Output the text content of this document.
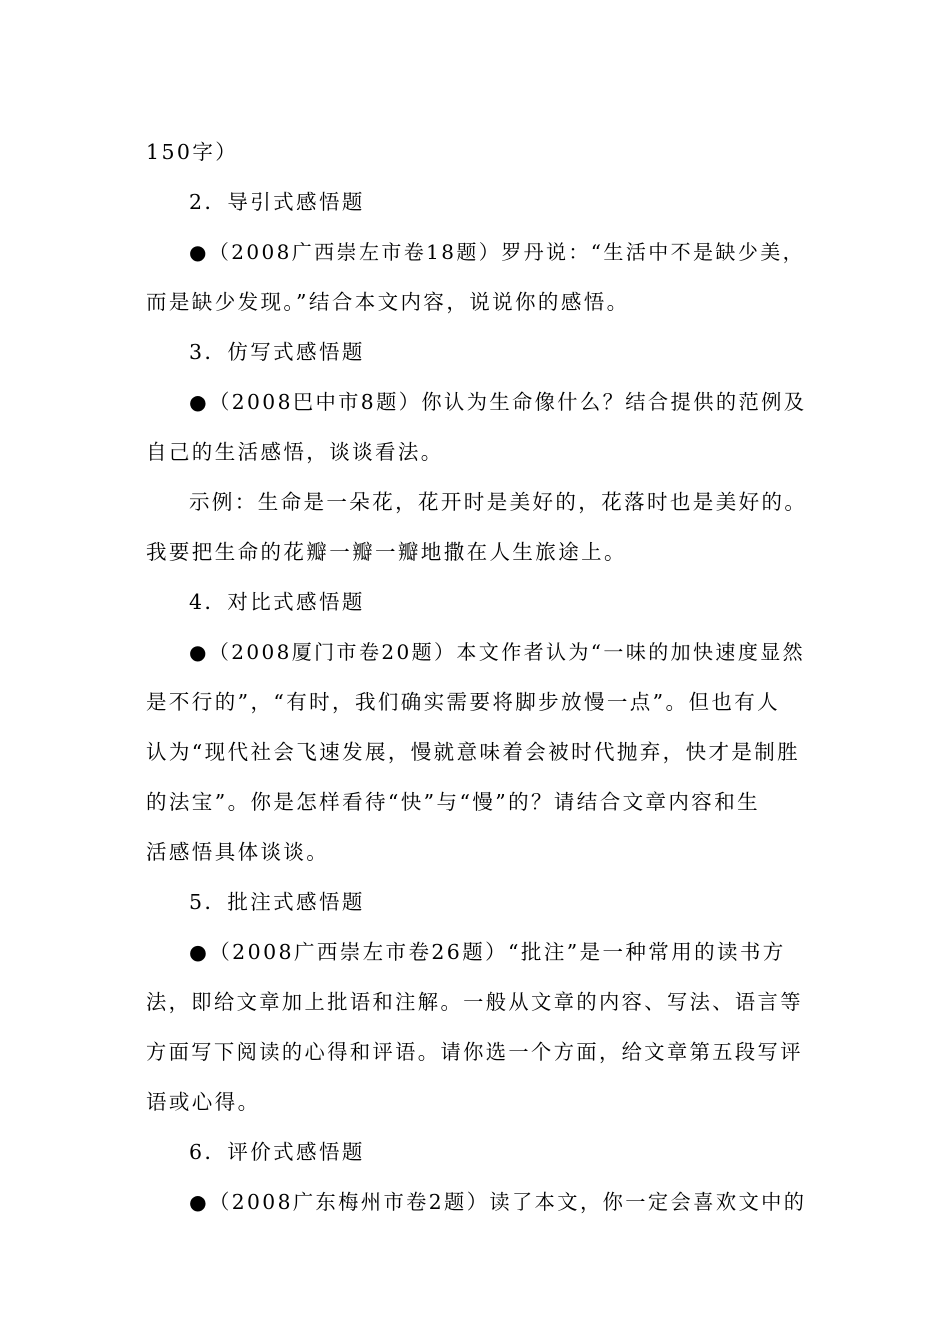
150字）
2．导引式感悟题
●（2008广西崇左市卷18题）罗丹说：“生活中不是缺少美，
而是缺少发现。”结合本文内容，说说你的感悟。
3．仿写式感悟题
●（2008巴中市8题）你认为生命像什么？结合提供的范例及
自己的生活感悟，谈谈看法。
示例：生命是一朵花，花开时是美好的，花落时也是美好的。
我要把生命的花瓣一瓣一瓣地撒在人生旅途上。
4．对比式感悟题
●（2008厦门市卷20题）本文作者认为“一味的加快速度显然
是不行的”，“有时，我们确实需要将脚步放慢一点”。但也有人
认为“现代社会飞速发展，慢就意味着会被时代抛弃，快才是制胜
的法宝”。你是怎样看待“快”与“慢”的？请结合文章内容和生
活感悟具体谈谈。
5．批注式感悟题
●（2008广西崇左市卷26题）“批注”是一种常用的读书方
法，即给文章加上批语和注解。一般从文章的内容、写法、语言等
方面写下阅读的心得和评语。请你选一个方面，给文章第五段写评
语或心得。
6．评价式感悟题
●（2008广东梅州市卷2题）读了本文，你一定会喜欢文中的
